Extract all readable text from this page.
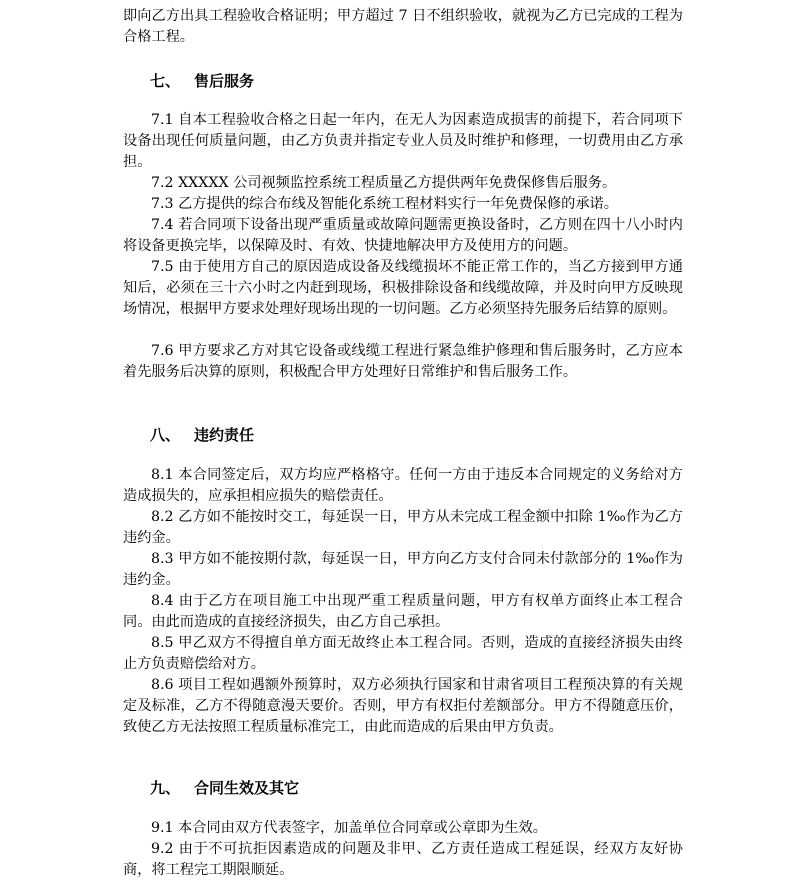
即向乙方出具工程验收合格证明；甲方超过 7 日不组织验收，就视为乙方已完成的工程为合格工程。
七、 售后服务
7.1 自本工程验收合格之日起一年内，在无人为因素造成损害的前提下，若合同项下设备出现任何质量问题，由乙方负责并指定专业人员及时维护和修理，一切费用由乙方承担。
7.2 XXXXX 公司视频监控系统工程质量乙方提供两年免费保修售后服务。
7.3 乙方提供的综合布线及智能化系统工程材料实行一年免费保修的承诺。
7.4 若合同项下设备出现严重质量或故障问题需更换设备时，乙方则在四十八小时内将设备更换完毕，以保障及时、有效、快捷地解决甲方及使用方的问题。
7.5 由于使用方自己的原因造成设备及线缆损坏不能正常工作的，当乙方接到甲方通知后，必须在三十六小时之内赶到现场，积极排除设备和线缆故障，并及时向甲方反映现场情况，根据甲方要求处理好现场出现的一切问题。乙方必须坚持先服务后结算的原则。
7.6 甲方要求乙方对其它设备或线缆工程进行紧急维护修理和售后服务时，乙方应本着先服务后决算的原则，积极配合甲方处理好日常维护和售后服务工作。
八、 违约责任
8.1 本合同签定后，双方均应严格格守。任何一方由于违反本合同规定的义务给对方造成损失的，应承担相应损失的赔偿责任。
8.2 乙方如不能按时交工，每延误一日，甲方从未完成工程金额中扣除 1‰作为乙方违约金。
8.3 甲方如不能按期付款，每延误一日，甲方向乙方支付合同未付款部分的 1‰作为违约金。
8.4 由于乙方在项目施工中出现严重工程质量问题，甲方有权单方面终止本工程合同。由此而造成的直接经济损失，由乙方自己承担。
8.5 甲乙双方不得擅自单方面无故终止本工程合同。否则，造成的直接经济损失由终止方负责赔偿给对方。
8.6 项目工程如遇额外预算时，双方必须执行国家和甘肃省项目工程预决算的有关规定及标准，乙方不得随意漫天要价。否则，甲方有权拒付差额部分。甲方不得随意压价，致使乙方无法按照工程质量标准完工，由此而造成的后果由甲方负责。
九、 合同生效及其它
9.1 本合同由双方代表签字，加盖单位合同章或公章即为生效。
9.2 由于不可抗拒因素造成的问题及非甲、乙方责任造成工程延误，经双方友好协商，将工程完工期限顺延。
